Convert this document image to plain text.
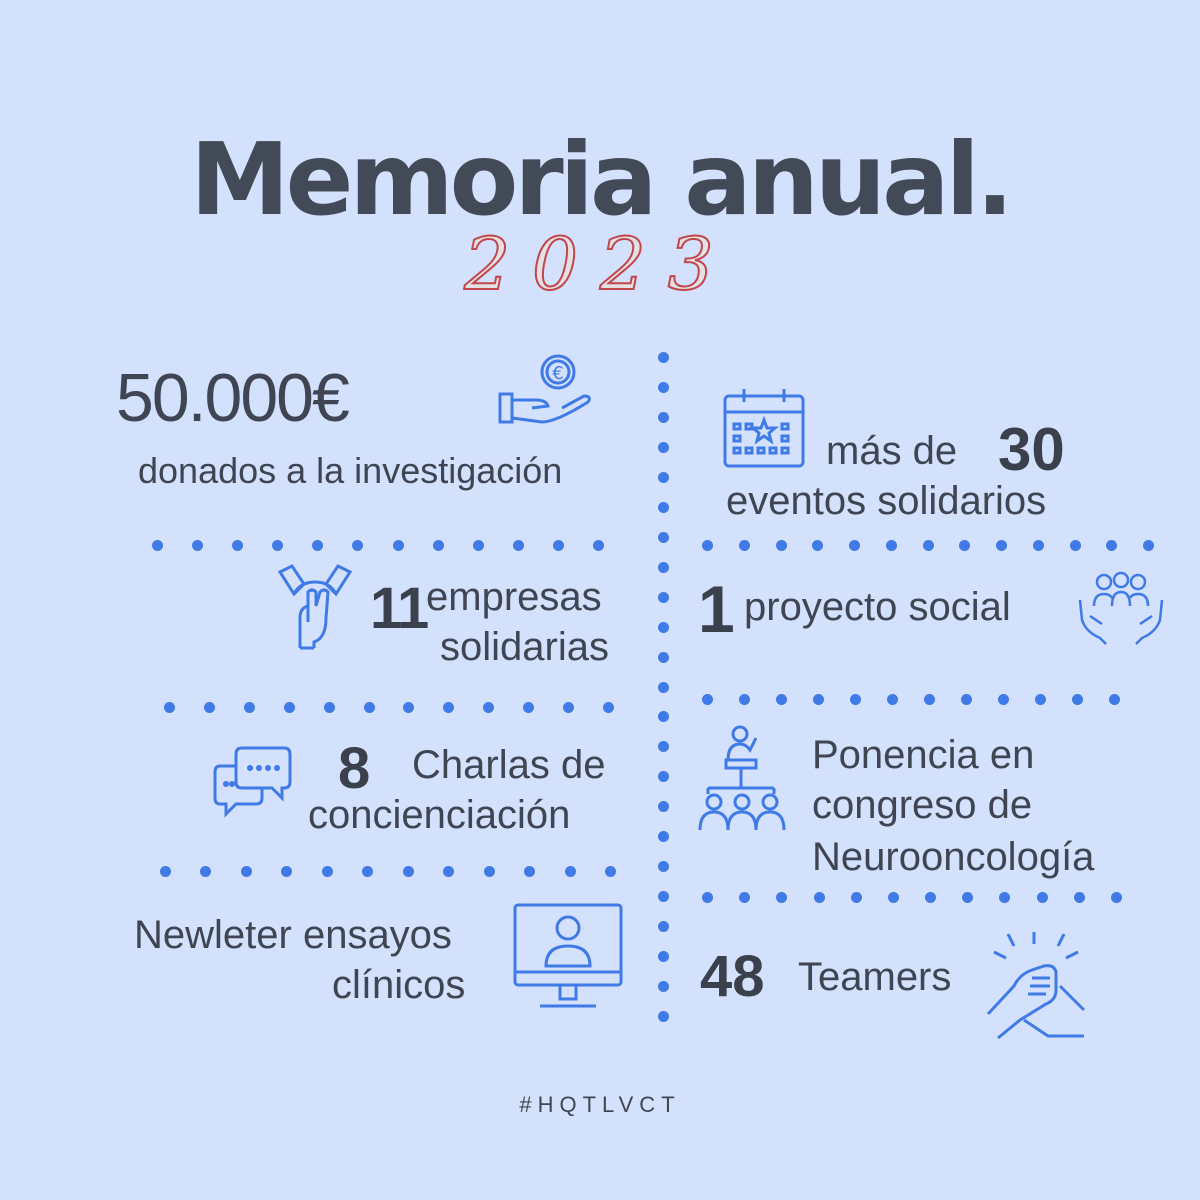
Memoria anual.
2023
50.000€
donados a la investigación
€
más de 30
eventos solidarios
11
empresas
solidarias
1 proyecto social
8 Charlas de
concienciación
Ponencia en
congreso de
Neurooncología
Newleter ensayos
clínicos	48 Teamers
#HQTLVCT
